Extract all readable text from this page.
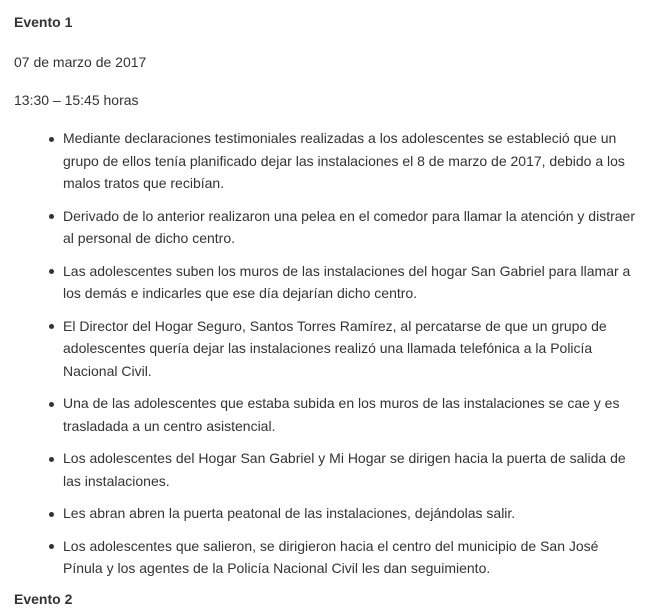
Evento 1
07 de marzo de 2017
13:30 – 15:45 horas
Mediante declaraciones testimoniales realizadas a los adolescentes se estableció que un grupo de ellos tenía planificado dejar las instalaciones el 8 de marzo de 2017, debido a los malos tratos que recibían.
Derivado de lo anterior realizaron una pelea en el comedor para llamar la atención y distraer al personal de dicho centro.
Las adolescentes suben los muros de las instalaciones del hogar San Gabriel para llamar a los demás e indicarles que ese día dejarían dicho centro.
El Director del Hogar Seguro, Santos Torres Ramírez, al percatarse de que un grupo de adolescentes quería dejar las instalaciones realizó una llamada telefónica a la Policía Nacional Civil.
Una de las adolescentes que estaba subida en los muros de las instalaciones se cae y es trasladada a un centro asistencial.
Los adolescentes del Hogar San Gabriel y Mi Hogar se dirigen hacia la puerta de salida de las instalaciones.
Les abran abren la puerta peatonal de las instalaciones, dejándolas salir.
Los adolescentes que salieron, se dirigieron hacia el centro del municipio de San José Pínula y los agentes de la Policía Nacional Civil les dan seguimiento.
Evento 2
